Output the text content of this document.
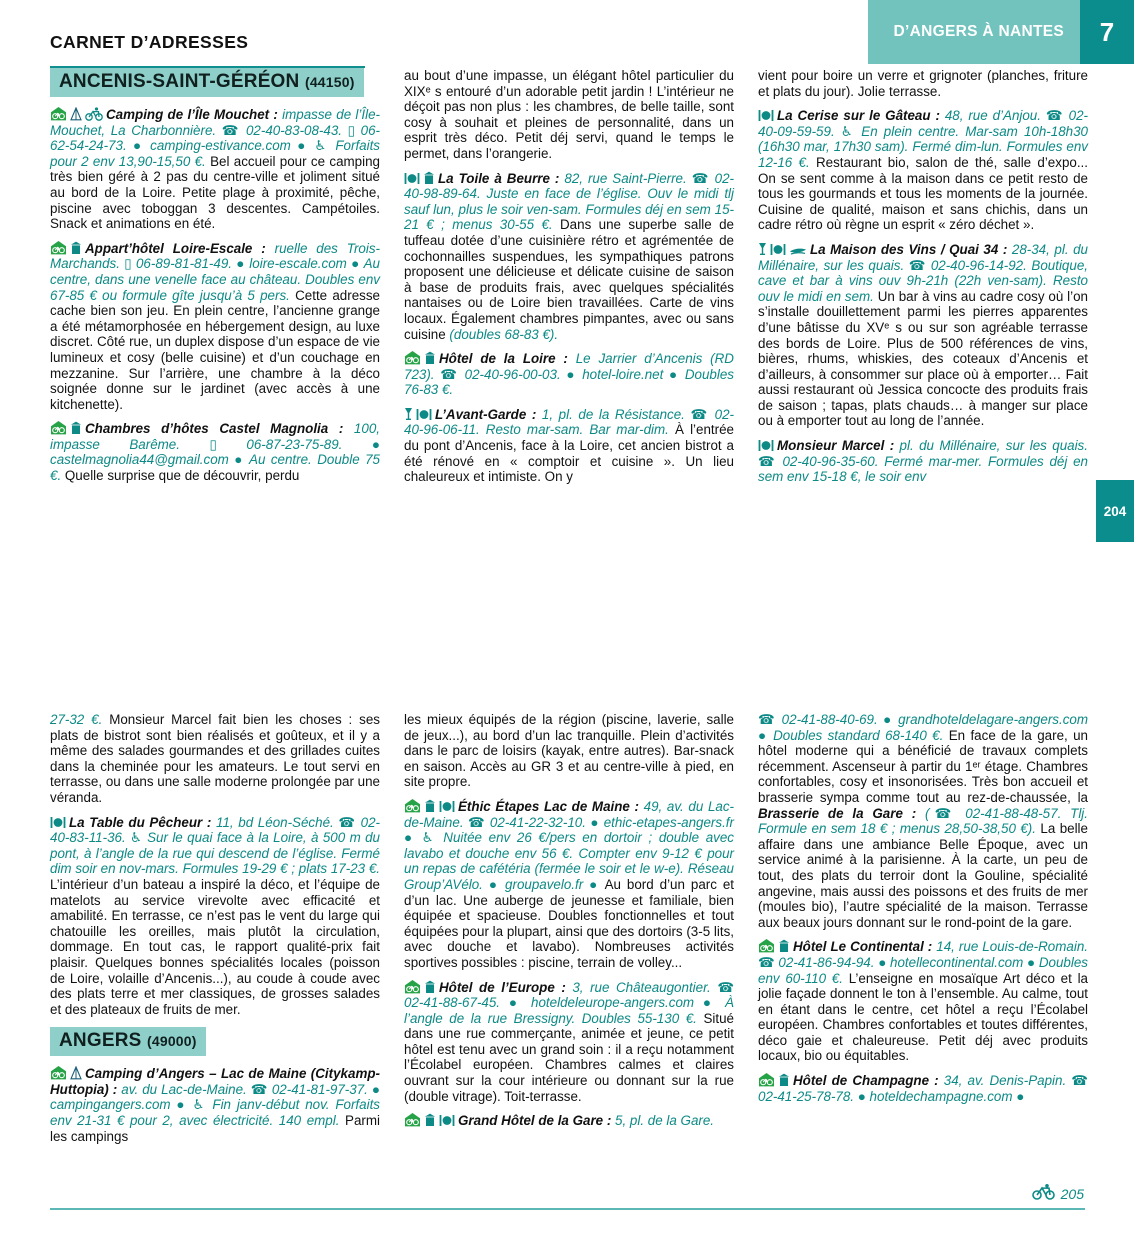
CARNET D’ADRESSES
D’ANGERS À NANTES	7
204
ANCENIS-SAINT-GÉRÉON (44150)

Camping de l’Île Mouchet : impasse de l’Île-Mouchet, La Charbonnière. ☎ 02-40-83-08-43. ▯ 06-62-54-24-73. ● camping-estivance.com ● ♿ Forfaits pour 2 env 13,90-15,50 €. Bel accueil pour ce camping très bien géré à 2 pas du centre-ville et joliment situé au bord de la Loire. Petite plage à proximité, pêche, piscine avec toboggan 3 descentes. Campétoiles. Snack et animations en été.

Appart’hôtel Loire-Escale : ruelle des Trois-Marchands. ▯ 06-89-81-81-49. ● loire-escale.com ● Au centre, dans une venelle face au château. Doubles env 67-85 € ou formule gîte jusqu’à 5 pers. Cette adresse cache bien son jeu. En plein centre, l’ancienne grange a été métamorphosée en hébergement design, au luxe discret. Côté rue, un duplex dispose d’un espace de vie lumineux et cosy (belle cuisine) et d’un couchage en mezzanine. Sur l’arrière, une chambre à la déco soignée donne sur le jardinet (avec accès à une kitchenette).

Chambres d’hôtes Castel Magnolia : 100, impasse Barême. ▯ 06-87-23-75-89. ● castelmagnolia44@gmail.com ● Au centre. Double 75 €. Quelle surprise que de découvrir, perdu

au bout d’une impasse, un élégant hôtel particulier du XIXᵉ s entouré d’un adorable petit jardin ! L’intérieur ne déçoit pas non plus : les chambres, de belle taille, sont cosy à souhait et pleines de personnalité, dans un esprit très déco. Petit déj servi, quand le temps le permet, dans l’orangerie.

La Toile à Beurre : 82, rue Saint-Pierre. ☎ 02-40-98-89-64. Juste en face de l’église. Ouv le midi tlj sauf lun, plus le soir ven-sam. Formules déj en sem 15-21 € ; menus 30-55 €. Dans une superbe salle de tuffeau dotée d’une cuisinière rétro et agrémentée de cochonnailles suspendues, les sympathiques patrons proposent une délicieuse et délicate cuisine de saison à base de produits frais, avec quelques spécialités nantaises ou de Loire bien travaillées. Carte de vins locaux. Également chambres pimpantes, avec ou sans cuisine (doubles 68-83 €).

Hôtel de la Loire : Le Jarrier d’Ancenis (RD 723). ☎ 02-40-96-00-03. ● hotel-loire.net ● Doubles 76-83 €.

L’Avant-Garde : 1, pl. de la Résistance. ☎ 02-40-96-06-11. Resto mar-sam. Bar mar-dim. À l’entrée du pont d’Ancenis, face à la Loire, cet ancien bistrot a été rénové en « comptoir et cuisine ». Un lieu chaleureux et intimiste. On y

vient pour boire un verre et grignoter (planches, friture et plats du jour). Jolie terrasse.

La Cerise sur le Gâteau : 48, rue d’Anjou. ☎ 02-40-09-59-59. ♿ En plein centre. Mar-sam 10h-18h30 (16h30 mar, 17h30 sam). Fermé dim-lun. Formules env 12-16 €. Restaurant bio, salon de thé, salle d’expo... On se sent comme à la maison dans ce petit resto de tous les gourmands et tous les moments de la journée. Cuisine de qualité, maison et sans chichis, dans un cadre rétro où règne un esprit « zéro déchet ».

La Maison des Vins / Quai 34 : 28-34, pl. du Millénaire, sur les quais. ☎ 02-40-96-14-92. Boutique, cave et bar à vins ouv 9h-21h (22h ven-sam). Resto ouv le midi en sem. Un bar à vins au cadre cosy où l’on s’installe douillettement parmi les pierres apparentes d’une bâtisse du XVᵉ s ou sur son agréable terrasse des bords de Loire. Plus de 500 références de vins, bières, rhums, whiskies, des coteaux d’Ancenis et d’ailleurs, à consommer sur place où à emporter… Fait aussi restaurant où Jessica concocte des produits frais de saison ; tapas, plats chauds… à manger sur place ou à emporter tout au long de l’année.

Monsieur Marcel : pl. du Millénaire, sur les quais. ☎ 02-40-96-35-60. Fermé mar-mer. Formules déj en sem env 15-18 €, le soir env

27-32 €. Monsieur Marcel fait bien les choses : ses plats de bistrot sont bien réalisés et goûteux, et il y a même des salades gourmandes et des grillades cuites dans la cheminée pour les amateurs. Le tout servi en terrasse, ou dans une salle moderne prolongée par une véranda.

La Table du Pêcheur : 11, bd Léon-Séché. ☎ 02-40-83-11-36. ♿ Sur le quai face à la Loire, à 500 m du pont, à l’angle de la rue qui descend de l’église. Fermé dim soir en nov-mars. Formules 19-29 € ; plats 17-23 €. L’intérieur d’un bateau a inspiré la déco, et l’équipe de matelots au service virevolte avec efficacité et amabilité. En terrasse, ce n’est pas le vent du large qui chatouille les oreilles, mais plutôt la circulation, dommage. En tout cas, le rapport qualité-prix fait plaisir. Quelques bonnes spécialités locales (poisson de Loire, volaille d’Ancenis...), au coude à coude avec des plats terre et mer classiques, de grosses salades et des plateaux de fruits de mer.

ANGERS (49000)

Camping d’Angers – Lac de Maine (Citykamp-Huttopia) : av. du Lac-de-Maine. ☎ 02-41-81-97-37. ● campingangers.com ● ♿ Fin janv-début nov. Forfaits env 21-31 € pour 2, avec électricité. 140 empl. Parmi les campings

les mieux équipés de la région (piscine, laverie, salle de jeux...), au bord d’un lac tranquille. Plein d’activités dans le parc de loisirs (kayak, entre autres). Bar-snack en saison. Accès au GR 3 et au centre-ville à pied, en site propre.

Éthic Étapes Lac de Maine : 49, av. du Lac-de-Maine. ☎ 02-41-22-32-10. ● ethic-etapes-angers.fr ● ♿ Nuitée env 26 €/pers en dortoir ; double avec lavabo et douche env 56 €. Compter env 9-12 € pour un repas de cafétéria (fermée le soir et le w-e). Réseau Group’AVélo. ● groupavelo.fr ● Au bord d’un parc et d’un lac. Une auberge de jeunesse et familiale, bien équipée et spacieuse. Doubles fonctionnelles et tout équipées pour la plupart, ainsi que des dortoirs (3-5 lits, avec douche et lavabo). Nombreuses activités sportives possibles : piscine, terrain de volley...

Hôtel de l’Europe : 3, rue Châteaugontier. ☎ 02-41-88-67-45. ● hoteldeleurope-angers.com ● À l’angle de la rue Bressigny. Doubles 55-130 €. Situé dans une rue commerçante, animée et jeune, ce petit hôtel est tenu avec un grand soin : il a reçu notamment l’Écolabel européen. Chambres calmes et claires ouvrant sur la cour intérieure ou donnant sur la rue (double vitrage). Toit-terrasse.

Grand Hôtel de la Gare : 5, pl. de la Gare.

☎ 02-41-88-40-69. ● grandhoteldelagare-angers.com ● Doubles standard 68-140 €. En face de la gare, un hôtel moderne qui a bénéficié de travaux complets récemment. Ascenseur à partir du 1ᵉʳ étage. Chambres confortables, cosy et insonorisées. Très bon accueil et brasserie sympa comme tout au rez-de-chaussée, la Brasserie de la Gare : (☎ 02-41-88-48-57. Tlj. Formule en sem 18 € ; menus 28,50-38,50 €). La belle affaire dans une ambiance Belle Époque, avec un service animé à la parisienne. À la carte, un peu de tout, des plats du terroir dont la Gouline, spécialité angevine, mais aussi des poissons et des fruits de mer (moules bio), l’autre spécialité de la maison. Terrasse aux beaux jours donnant sur le rond-point de la gare.

Hôtel Le Continental : 14, rue Louis-de-Romain. ☎ 02-41-86-94-94. ● hotellecontinental.com ● Doubles env 60-110 €. L’enseigne en mosaïque Art déco et la jolie façade donnent le ton à l’ensemble. Au calme, tout en étant dans le centre, cet hôtel a reçu l’Écolabel européen. Chambres confortables et toutes différentes, déco gaie et chaleureuse. Petit déj avec produits locaux, bio ou équitables.

Hôtel de Champagne : 34, av. Denis-Papin. ☎ 02-41-25-78-78. ● hoteldechampagne.com ●

205
